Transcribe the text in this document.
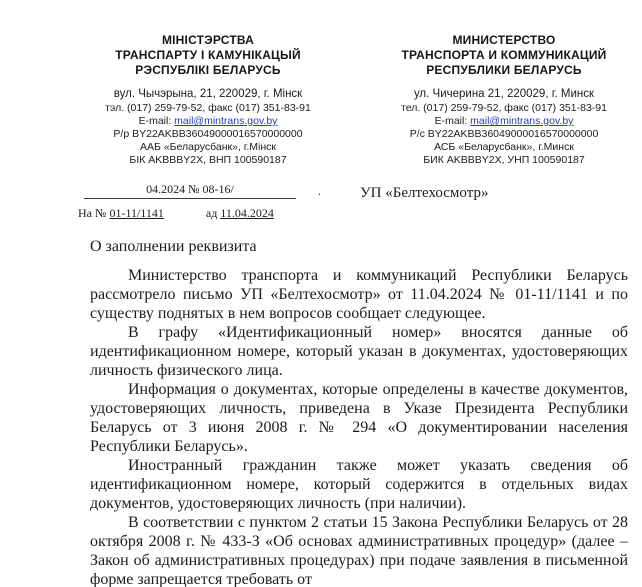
МІНІСТЭРСТВА
ТРАНСПАРТУ І КАМУНІКАЦЫЙ
РЭСПУБЛІКІ БЕЛАРУСЬ
вул. Чычэрына, 21, 220029, г. Мінск
тэл. (017) 259-79-52, факс (017) 351-83-91
E-mail: mail@mintrans.gov.by
Р/р BY22AKBB36049000016570000000
ААБ «Беларусбанк», г.Мінск
БІК AKBBBY2X, ВНП 100590187
МИНИСТЕРСТВО
ТРАНСПОРТА И КОММУНИКАЦИЙ
РЕСПУБЛИКИ БЕЛАРУСЬ
ул. Чичерина 21, 220029, г. Минск
тел. (017) 259-79-52, факс (017) 351-83-91
E-mail: mail@mintrans.gov.by
Р/с BY22AKBB36049000016570000000
АСБ «Беларусбанк», г.Минск
БИК AKBBBY2X, УНП 100590187
04.2024 № 08-16/	.
На № 01-11/1141	ад 11.04.2024
УП «Белтехосмотр»
О заполнении реквизита

Министерство транспорта и коммуникаций Республики Беларусь рассмотрело письмо УП «Белтехосмотр» от 11.04.2024 № 01-11/1141 и по существу поднятых в нем вопросов сообщает следующее.

В графу «Идентификационный номер» вносятся данные об идентификационном номере, который указан в документах, удостоверяющих личность физического лица.

Информация о документах, которые определены в качестве документов, удостоверяющих личность, приведена в Указе Президента Республики Беларусь от 3 июня 2008 г. № 294 «О документировании населения Республики Беларусь».

Иностранный гражданин также может указать сведения об идентификационном номере, который содержится в отдельных видах документов, удостоверяющих личность (при наличии).

В соответствии с пунктом 2 статьи 15 Закона Республики Беларусь от 28 октября 2008 г. № 433-З «Об основах административных процедур» (далее – Закон об административных процедурах) при подаче заявления в письменной форме запрещается требовать от
